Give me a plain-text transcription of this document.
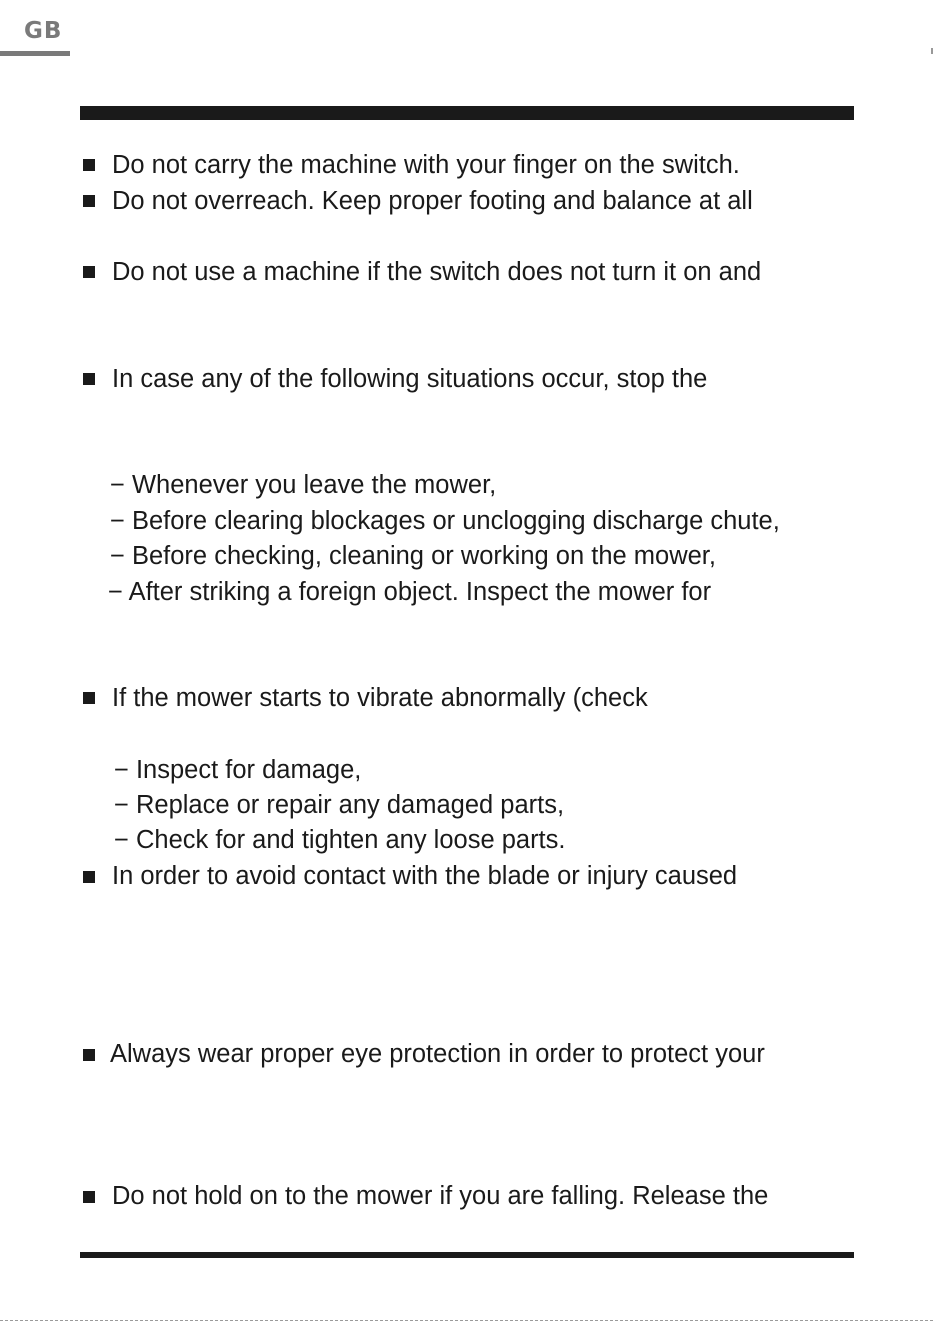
GB
Do not carry the machine with your finger on the switch.
Do not overreach. Keep proper footing and balance at all
Do not use a machine if the switch does not turn it on and
In case any of the following situations occur, stop the
− Whenever you leave the mower,
− Before clearing blockages or unclogging discharge chute,
− Before checking, cleaning or working on the mower,
− After striking a foreign object. Inspect the mower for
If the mower starts to vibrate abnormally (check
− Inspect for damage,
− Replace or repair any damaged parts,
− Check for and tighten any loose parts.
In order to avoid contact with the blade or injury caused
Always wear proper eye protection in order to protect your
Do not hold on to the mower if you are falling. Release the
